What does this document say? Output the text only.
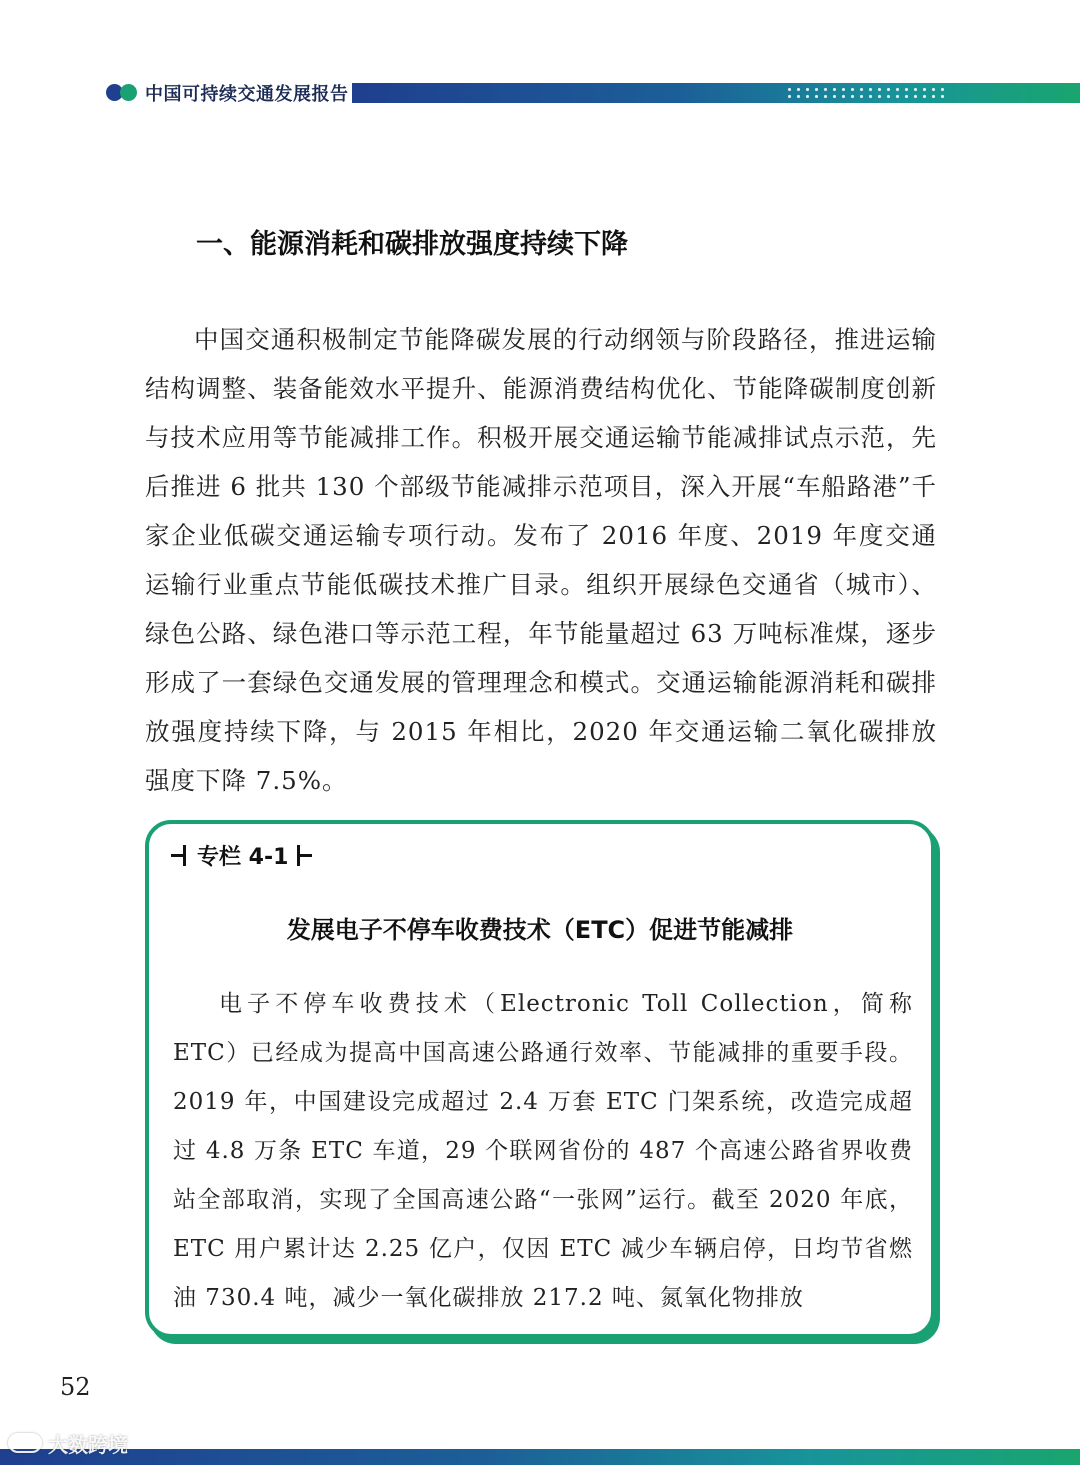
中国可持续交通发展报告
一、能源消耗和碳排放强度持续下降
中国交通积极制定节能降碳发展的行动纲领与阶段路径，推进运输结构调整、装备能效水平提升、能源消费结构优化、节能降碳制度创新与技术应用等节能减排工作。积极开展交通运输节能减排试点示范，先后推进 6 批共 130 个部级节能减排示范项目，深入开展“车船路港”千家企业低碳交通运输专项行动。发布了 2016 年度、2019 年度交通运输行业重点节能低碳技术推广目录。组织开展绿色交通省（城市）、绿色公路、绿色港口等示范工程，年节能量超过 63 万吨标准煤，逐步形成了一套绿色交通发展的管理理念和模式。交通运输能源消耗和碳排放强度持续下降，与 2015 年相比，2020 年交通运输二氧化碳排放强度下降 7.5%。
专栏 4-1
发展电子不停车收费技术（ETC）促进节能减排
电子不停车收费技术（Electronic Toll Collection，简称 ETC）已经成为提高中国高速公路通行效率、节能减排的重要手段。2019 年，中国建设完成超过 2.4 万套 ETC 门架系统，改造完成超过 4.8 万条 ETC 车道，29 个联网省份的 487 个高速公路省界收费站全部取消，实现了全国高速公路“一张网”运行。截至 2020 年底，ETC 用户累计达 2.25 亿户，仅因 ETC 减少车辆启停，日均节省燃油 730.4 吨，减少一氧化碳排放 217.2 吨、氮氧化物排放
52
大数跨境
